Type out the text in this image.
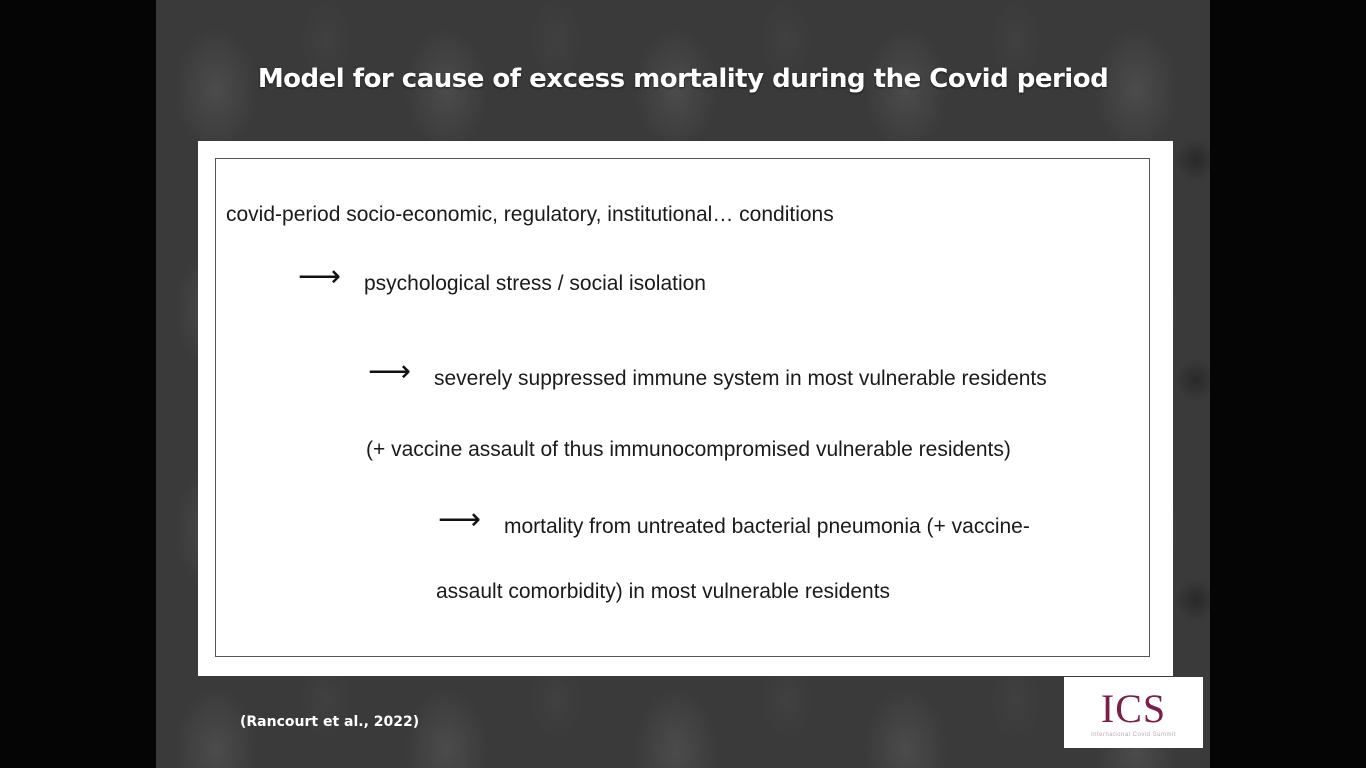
Model for cause of excess mortality during the Covid period
covid-period socio-economic, regulatory, institutional… conditions
⟶ psychological stress / social isolation
⟶ severely suppressed immune system in most vulnerable residents
(+ vaccine assault of thus immunocompromised vulnerable residents)
⟶ mortality from untreated bacterial pneumonia (+ vaccine-
assault comorbidity) in most vulnerable residents
(Rancourt et al., 2022)	ICS
International Covid Summit
